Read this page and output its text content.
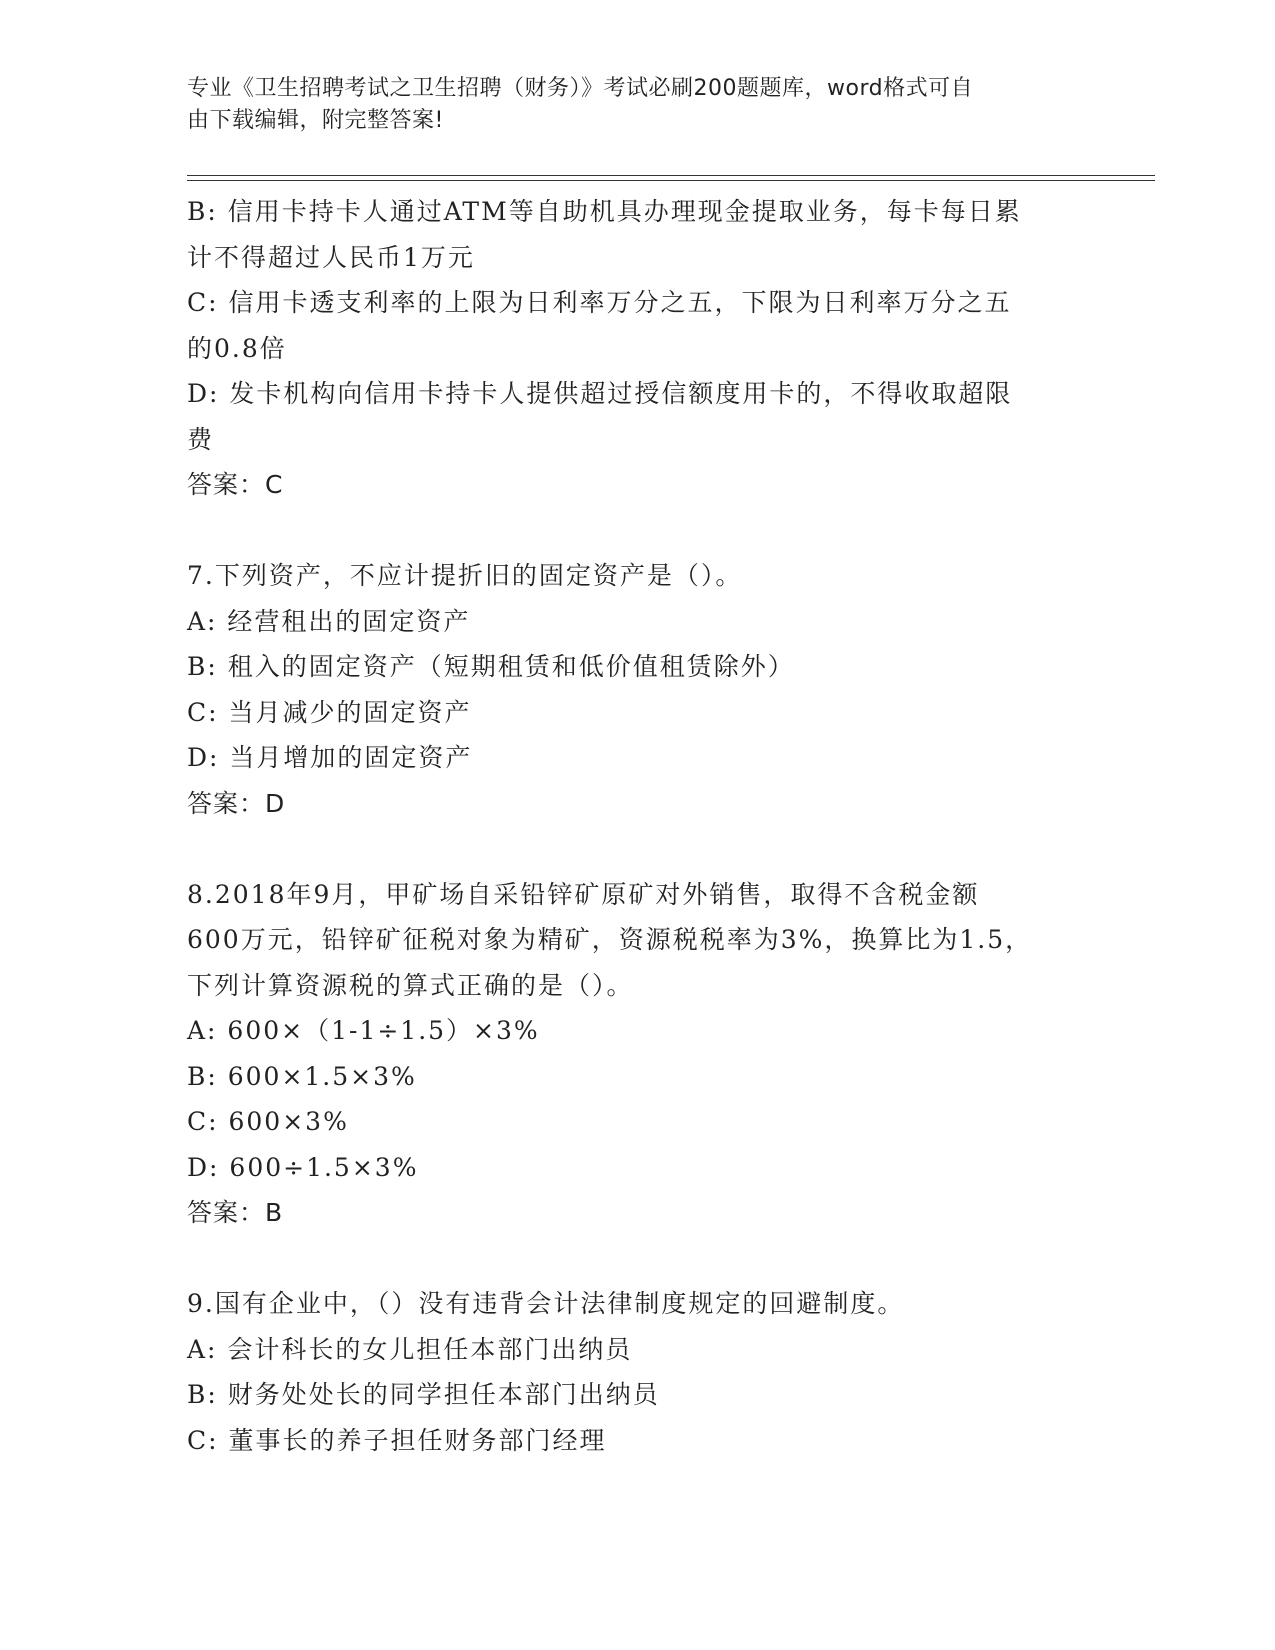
专业《卫生招聘考试之卫生招聘（财务）》考试必刷200题题库，word格式可自
由下载编辑，附完整答案!
B: 信用卡持卡人通过ATM等自助机具办理现金提取业务，每卡每日累
计不得超过人民币1万元
C: 信用卡透支利率的上限为日利率万分之五，下限为日利率万分之五
的0.8倍
D: 发卡机构向信用卡持卡人提供超过授信额度用卡的，不得收取超限
费
答案：C
7.下列资产，不应计提折旧的固定资产是（）。
A: 经营租出的固定资产
B: 租入的固定资产（短期租赁和低价值租赁除外）
C: 当月减少的固定资产
D: 当月增加的固定资产
答案：D
8.2018年9月，甲矿场自采铅锌矿原矿对外销售，取得不含税金额
600万元，铅锌矿征税对象为精矿，资源税税率为3%，换算比为1.5，
下列计算资源税的算式正确的是（）。
A: 600×（1-1÷1.5）×3%
B: 600×1.5×3%
C: 600×3%
D: 600÷1.5×3%
答案：B
9.国有企业中，（）没有违背会计法律制度规定的回避制度。
A: 会计科长的女儿担任本部门出纳员
B: 财务处处长的同学担任本部门出纳员
C: 董事长的养子担任财务部门经理
